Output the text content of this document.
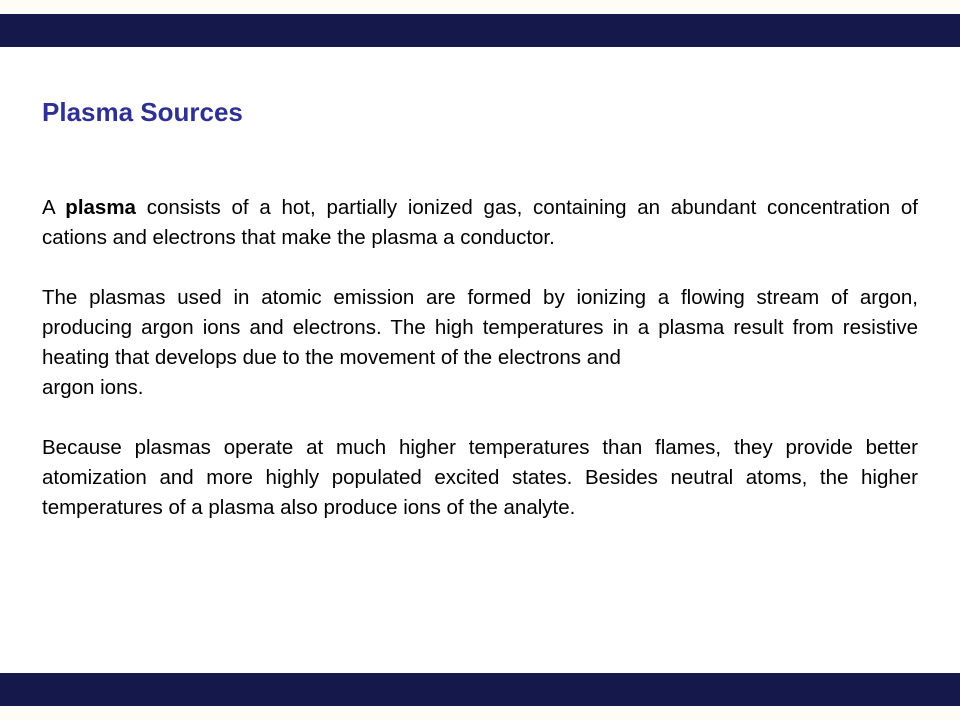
Plasma Sources

A plasma consists of a hot, partially ionized gas, containing an abundant concentration of cations and electrons that make the plasma a conductor.

The plasmas used in atomic emission are formed by ionizing a flowing stream of argon, producing argon ions and electrons. The high temperatures in a plasma result from resistive heating that develops due to the movement of the electrons and
argon ions.

Because plasmas operate at much higher temperatures than flames, they provide better atomization and more highly populated excited states. Besides neutral atoms, the higher temperatures of a plasma also produce ions of the analyte.
